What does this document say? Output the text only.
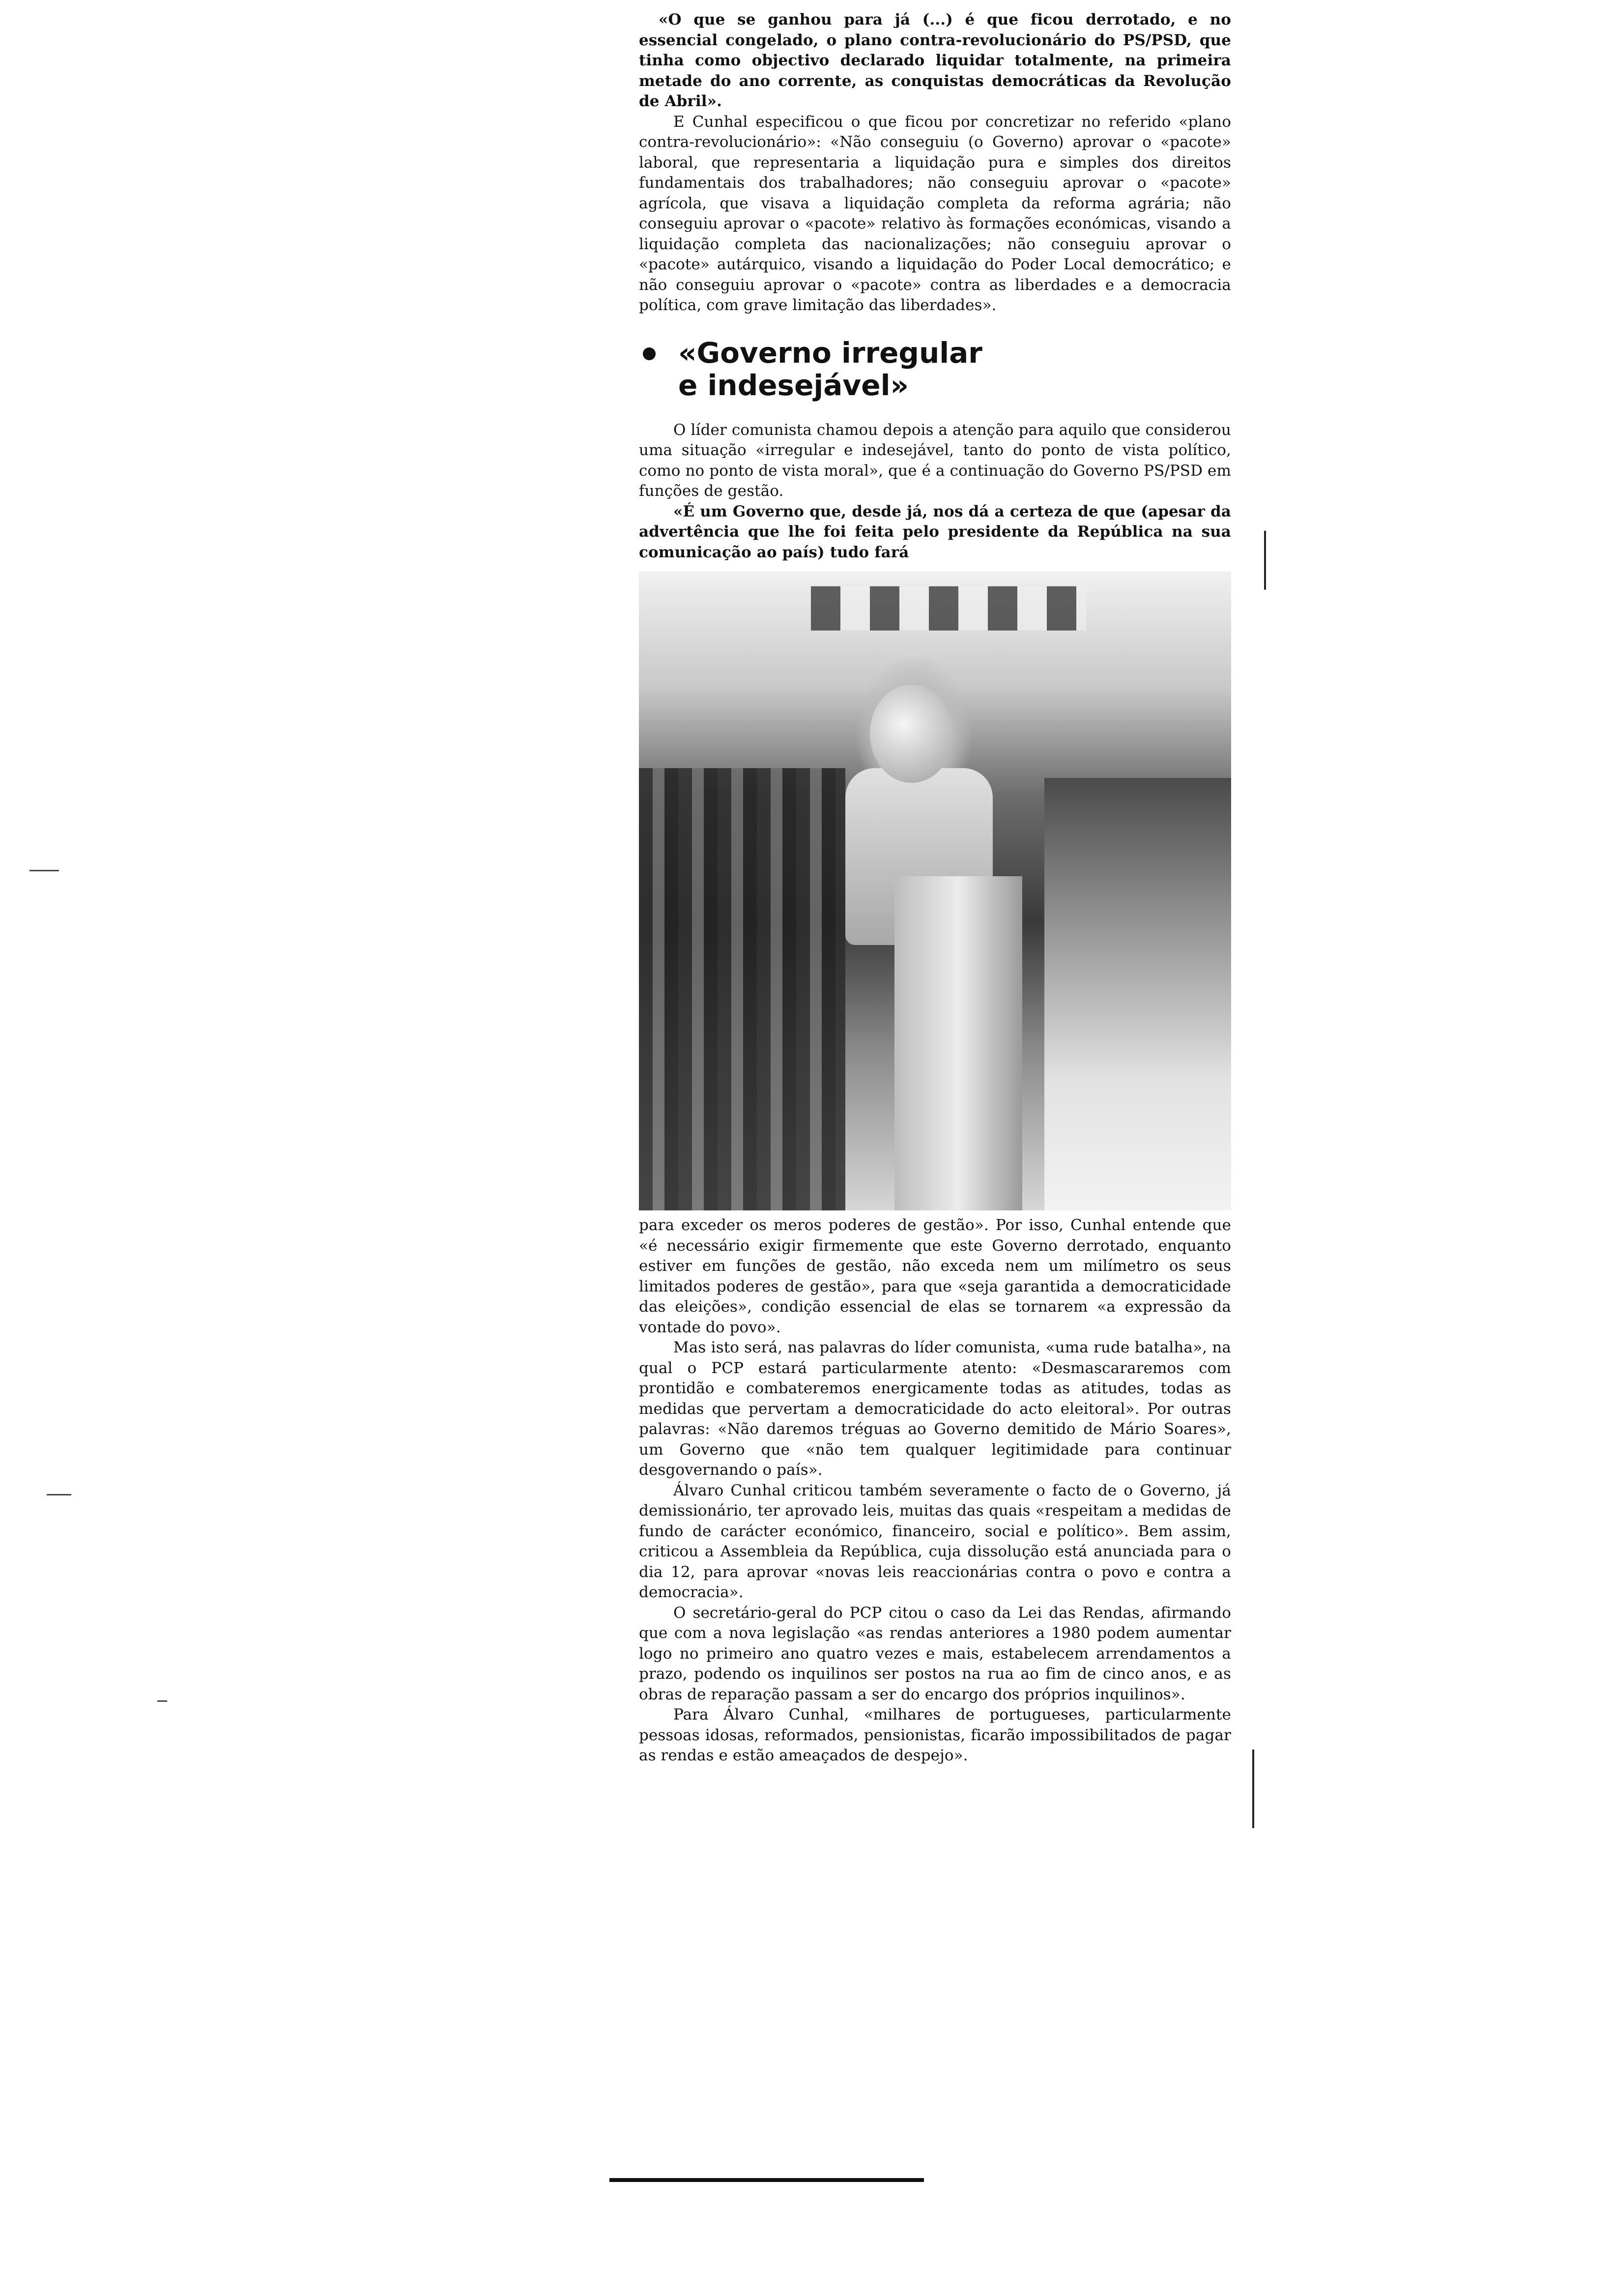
«O que se ganhou para já (...) é que ficou derrotado, e no essencial congelado, o plano contra-revolucionário do PS/PSD, que tinha como objectivo declarado liquidar totalmente, na primeira metade do ano corrente, as conquistas democráticas da Revolução de Abril».

E Cunhal especificou o que ficou por concretizar no referido «plano contra-revolucionário»: «Não conseguiu (o Governo) aprovar o «pacote» laboral, que representaria a liquidação pura e simples dos direitos fundamentais dos trabalhadores; não conseguiu aprovar o «pacote» agrícola, que visava a liquidação completa da reforma agrária; não conseguiu aprovar o «pacote» relativo às formações económicas, visando a liquidação completa das nacionalizações; não conseguiu aprovar o «pacote» autárquico, visando a liquidação do Poder Local democrático; e não conseguiu aprovar o «pacote» contra as liberdades e a democracia política, com grave limitação das liberdades».

«Governo irregular
e indesejável»

O líder comunista chamou depois a atenção para aquilo que considerou uma situação «irregular e indesejável, tanto do ponto de vista político, como no ponto de vista moral», que é a continuação do Governo PS/PSD em funções de gestão.

«É um Governo que, desde já, nos dá a certeza de que (apesar da advertência que lhe foi feita pelo presidente da República na sua comunicação ao país) tudo fará

para exceder os meros poderes de gestão». Por isso, Cunhal entende que «é necessário exigir firmemente que este Governo derrotado, enquanto estiver em funções de gestão, não exceda nem um milímetro os seus limitados poderes de gestão», para que «seja garantida a democraticidade das eleições», condição essencial de elas se tornarem «a expressão da vontade do povo».

Mas isto será, nas palavras do líder comunista, «uma rude batalha», na qual o PCP estará particularmente atento: «Desmascararemos com prontidão e combateremos energicamente todas as atitudes, todas as medidas que pervertam a democraticidade do acto eleitoral». Por outras palavras: «Não daremos tréguas ao Governo demitido de Mário Soares», um Governo que «não tem qualquer legitimidade para continuar desgovernando o país».

Álvaro Cunhal criticou também severamente o facto de o Governo, já demissionário, ter aprovado leis, muitas das quais «respeitam a medidas de fundo de carácter económico, financeiro, social e político». Bem assim, criticou a Assembleia da República, cuja dissolução está anunciada para o dia 12, para aprovar «novas leis reaccionárias contra o povo e contra a democracia».

O secretário-geral do PCP citou o caso da Lei das Rendas, afirmando que com a nova legislação «as rendas anteriores a 1980 podem aumentar logo no primeiro ano quatro vezes e mais, estabelecem arrendamentos a prazo, podendo os inquilinos ser postos na rua ao fim de cinco anos, e as obras de reparação passam a ser do encargo dos próprios inquilinos».

Para Álvaro Cunhal, «milhares de portugueses, particularmente pessoas idosas, reformados, pensionistas, ficarão impossibilitados de pagar as rendas e estão ameaçados de despejo».
